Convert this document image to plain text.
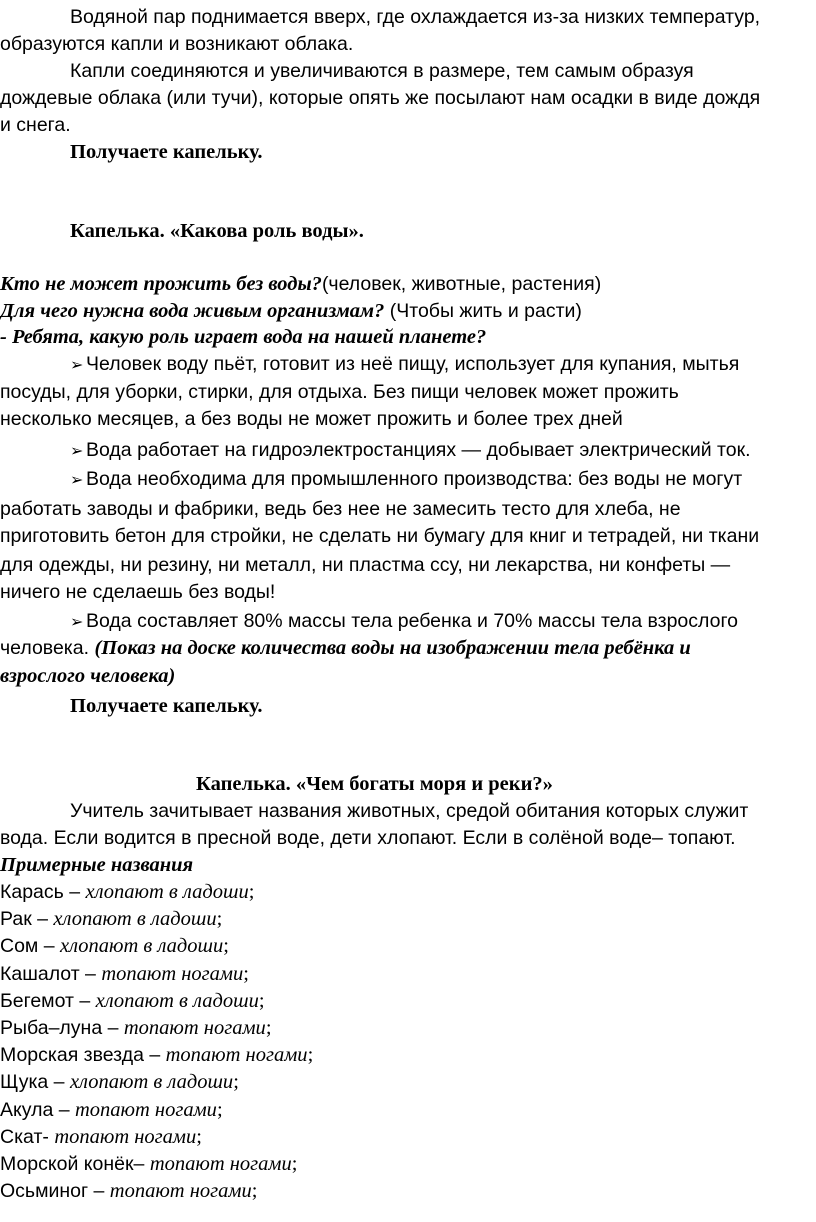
Водяной пар поднимается вверх, где охлаждается из-за низких температур,
образуются капли и возникают облака.
Капли соединяются и увеличиваются в размере, тем самым образуя
дождевые облака (или тучи), которые опять же посылают нам осадки в виде дождя
и снега.
Получаете капельку.
Капелька. «Какова роль воды».
Кто не может прожить без воды?(человек, животные, растения)
Для чего нужна вода живым организмам? (Чтобы жить и расти)
- Ребята, какую роль играет вода на нашей планете?
➢ Человек воду пьёт, готовит из неё пищу, использует для купания, мытья
посуды, для уборки, стирки, для отдыха. Без пищи человек может прожить
несколько месяцев, а без воды не может прожить и более трех дней
➢ Вода работает на гидроэлектростанциях — добывает электрический ток.
➢ Вода необходима для промышленного производства: без воды не могут
работать заводы и фабрики, ведь без нее не замесить тесто для хлеба, не
приготовить бетон для стройки, не сделать ни бумагу для книг и тетрадей, ни ткани
для одежды, ни резину, ни металл, ни пластма ссу, ни лекарства, ни конфеты —
ничего не сделаешь без воды!
➢ Вода составляет 80% массы тела ребенка и 70% массы тела взрослого
человека. (Показ на доске количества воды на изображении тела ребёнка и
взрослого человека)
Получаете капельку.
Капелька. «Чем богаты моря и реки?»
Учитель зачитывает названия животных, средой обитания которых служит
вода. Если водится в пресной воде, дети хлопают. Если в солёной воде– топают.
Примерные названия
Карась – хлопают в ладоши;
Рак – хлопают в ладоши;
Сом – хлопают в ладоши;
Кашалот – топают ногами;
Бегемот – хлопают в ладоши;
Рыба–луна – топают ногами;
Морская звезда – топают ногами;
Щука – хлопают в ладоши;
Акула – топают ногами;
Скат- топают ногами;
Морской конёк– топают ногами;
Осьминог – топают ногами;
